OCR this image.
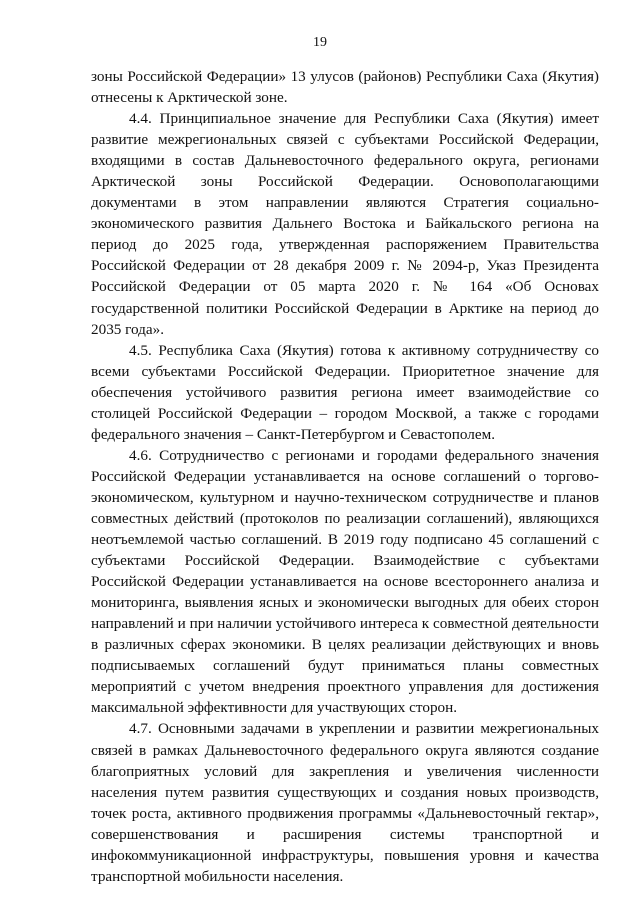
19

зоны Российской Федерации» 13 улусов (районов) Республики Саха (Якутия) отнесены к Арктической зоне.

4.4. Принципиальное значение для Республики Саха (Якутия) имеет развитие межрегиональных связей с субъектами Российской Федерации, входящими в состав Дальневосточного федерального округа, регионами Арктической зоны Российской Федерации. Основополагающими документами в этом направлении являются Стратегия социально-экономического развития Дальнего Востока и Байкальского региона на период до 2025 года, утвержденная распоряжением Правительства Российской Федерации от 28 декабря 2009 г. № 2094-р, Указ Президента Российской Федерации от 05 марта 2020 г. № 164 «Об Основах государственной политики Российской Федерации в Арктике на период до 2035 года».

4.5. Республика Саха (Якутия) готова к активному сотрудничеству со всеми субъектами Российской Федерации. Приоритетное значение для обеспечения устойчивого развития региона имеет взаимодействие со столицей Российской Федерации – городом Москвой, а также с городами федерального значения – Санкт-Петербургом и Севастополем.

4.6. Сотрудничество с регионами и городами федерального значения Российской Федерации устанавливается на основе соглашений о торгово-экономическом, культурном и научно-техническом сотрудничестве и планов совместных действий (протоколов по реализации соглашений), являющихся неотъемлемой частью соглашений. В 2019 году подписано 45 соглашений с субъектами Российской Федерации. Взаимодействие с субъектами Российской Федерации устанавливается на основе всестороннего анализа и мониторинга, выявления ясных и экономически выгодных для обеих сторон направлений и при наличии устойчивого интереса к совместной деятельности в различных сферах экономики. В целях реализации действующих и вновь подписываемых соглашений будут приниматься планы совместных мероприятий с учетом внедрения проектного управления для достижения максимальной эффективности для участвующих сторон.

4.7. Основными задачами в укреплении и развитии межрегиональных связей в рамках Дальневосточного федерального округа являются создание благоприятных условий для закрепления и увеличения численности населения путем развития существующих и создания новых производств, точек роста, активного продвижения программы «Дальневосточный гектар», совершенствования и расширения системы транспортной и инфокоммуникационной инфраструктуры, повышения уровня и качества транспортной мобильности населения.
